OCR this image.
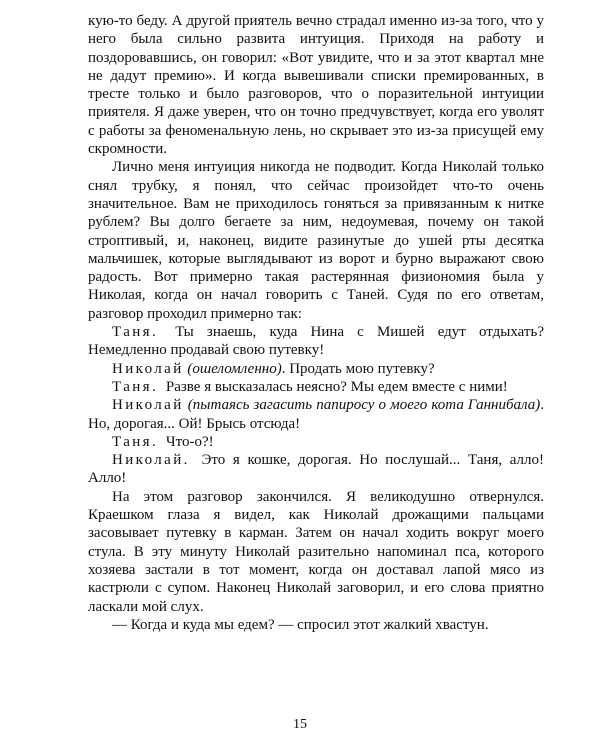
кую-то беду. А другой приятель вечно страдал именно из-за того, что у него была сильно развита интуиция. Приходя на работу и поздоровавшись, он говорил: «Вот увидите, что и за этот квартал мне не дадут премию». И когда вывешивали списки премированных, в тресте только и было разговоров, что о поразительной интуиции приятеля. Я даже уверен, что он точно предчувствует, когда его уволят с работы за феноменальную лень, но скрывает это из-за присущей ему скромности.

Лично меня интуиция никогда не подводит. Когда Николай только снял трубку, я понял, что сейчас произойдет что-то очень значительное. Вам не приходилось гоняться за привязанным к нитке рублем? Вы долго бегаете за ним, недоумевая, почему он такой строптивый, и, наконец, видите разинутые до ушей рты десятка мальчишек, которые выглядывают из ворот и бурно выражают свою радость. Вот примерно такая растерянная физиономия была у Николая, когда он начал говорить с Таней. Судя по его ответам, разговор проходил примерно так:

Таня. Ты знаешь, куда Нина с Мишей едут отдыхать? Немедленно продавай свою путевку!

Николай (ошеломленно). Продать мою путевку?

Таня. Разве я высказалась неясно? Мы едем вместе с ними!

Николай (пытаясь загасить папиросу о моего кота Ганнибала). Но, дорогая... Ой! Брысь отсюда!

Таня. Что-о?!

Николай. Это я кошке, дорогая. Но послушай... Таня, алло! Алло!

На этом разговор закончился. Я великодушно отвернулся. Краешком глаза я видел, как Николай дрожащими пальцами засовывает путевку в карман. Затем он начал ходить вокруг моего стула. В эту минуту Николай разительно напоминал пса, которого хозяева застали в тот момент, когда он доставал лапой мясо из кастрюли с супом. Наконец Николай заговорил, и его слова приятно ласкали мой слух.

— Когда и куда мы едем? — спросил этот жалкий хвастун.

15
